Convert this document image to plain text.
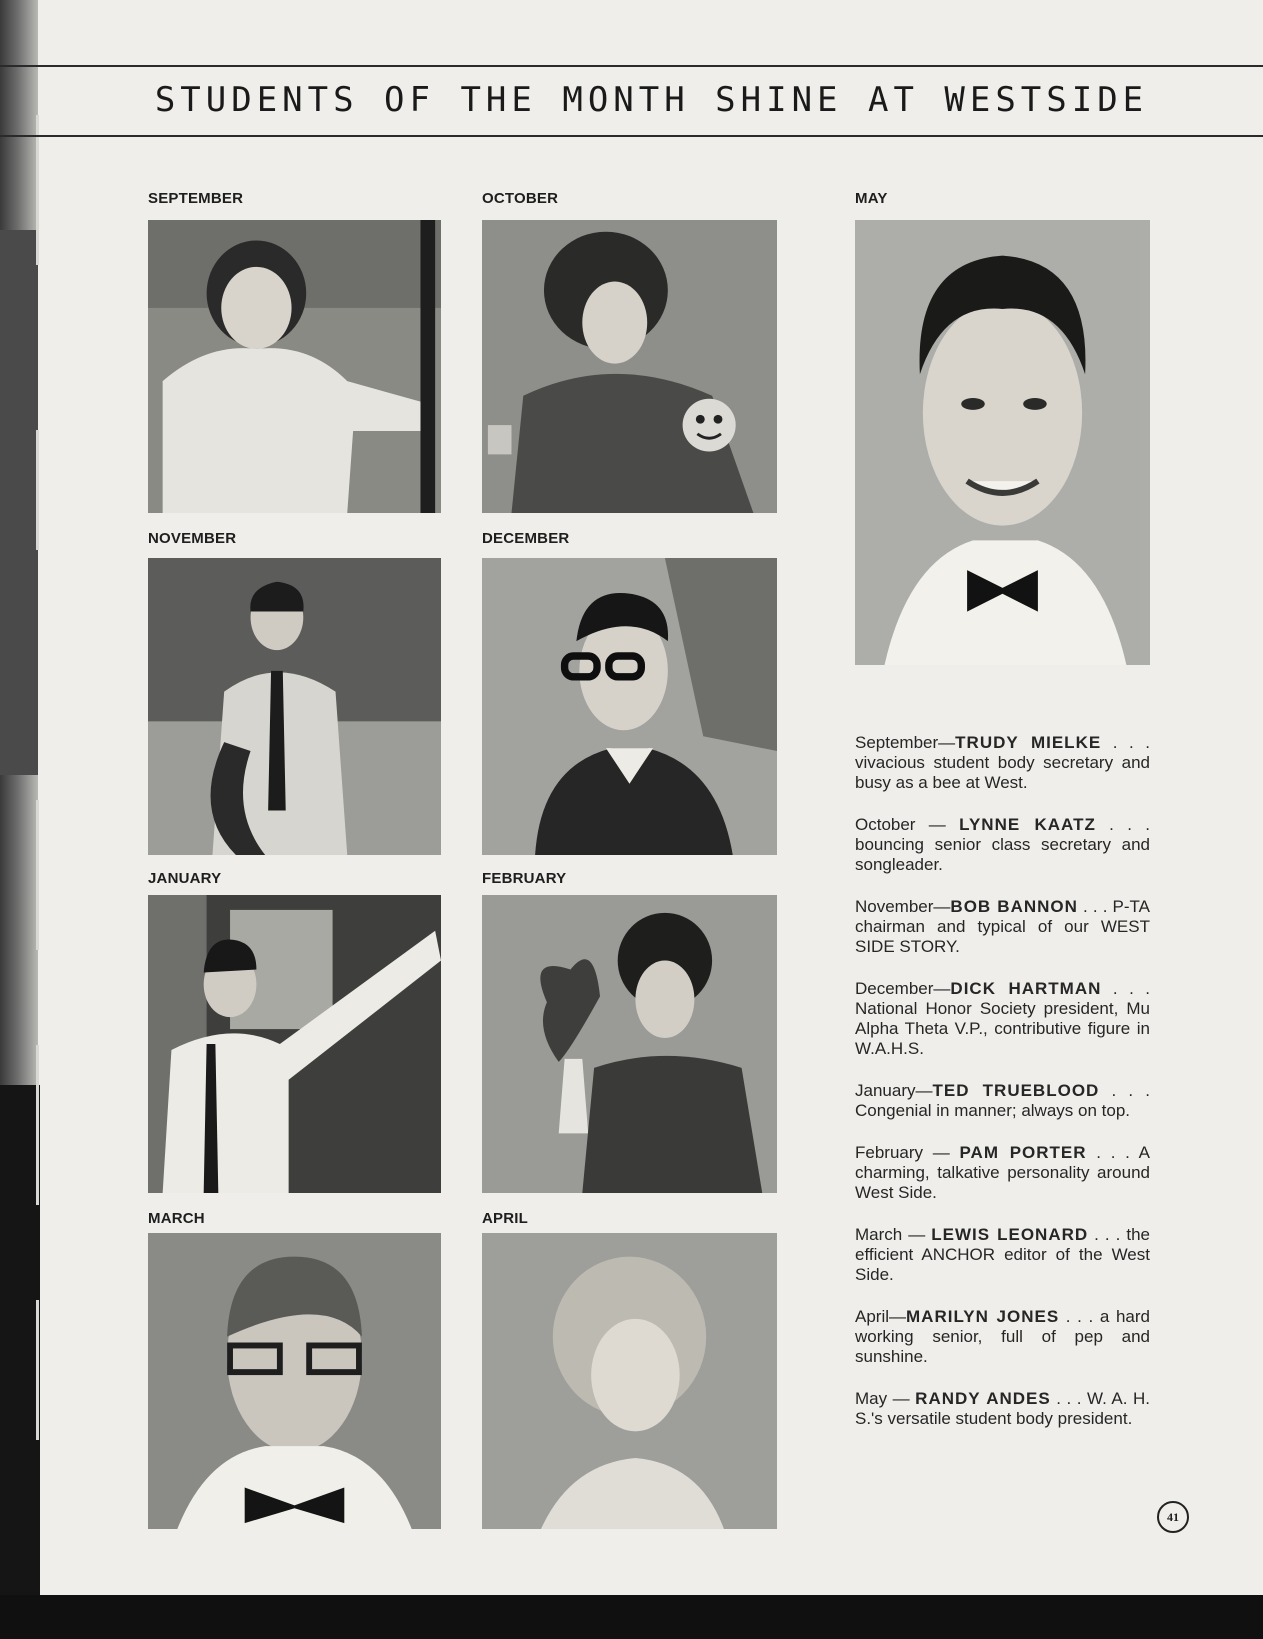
STUDENTS OF THE MONTH SHINE AT WESTSIDE
SEPTEMBER
NOVEMBER
JANUARY
MARCH
OCTOBER
DECEMBER
FEBRUARY
APRIL
MAY

September—TRUDY MIELKE . . . vivacious student body secretary and busy as a bee at West.

October — LYNNE KAATZ . . . bouncing senior class secretary and songleader.

November—BOB BANNON . . . P-TA chairman and typical of our WEST SIDE STORY.

December—DICK HARTMAN . . . National Honor Society president, Mu Alpha Theta V.P., contributive figure in W.A.H.S.

January—TED TRUEBLOOD . . . Congenial in manner; always on top.

February — PAM PORTER . . . A charming, talkative personality around West Side.

March — LEWIS LEONARD . . . the efficient ANCHOR editor of the West Side.

April—MARILYN JONES . . . a hard working senior, full of pep and sunshine.

May — RANDY ANDES . . . W. A. H. S.'s versatile student body president.

41
